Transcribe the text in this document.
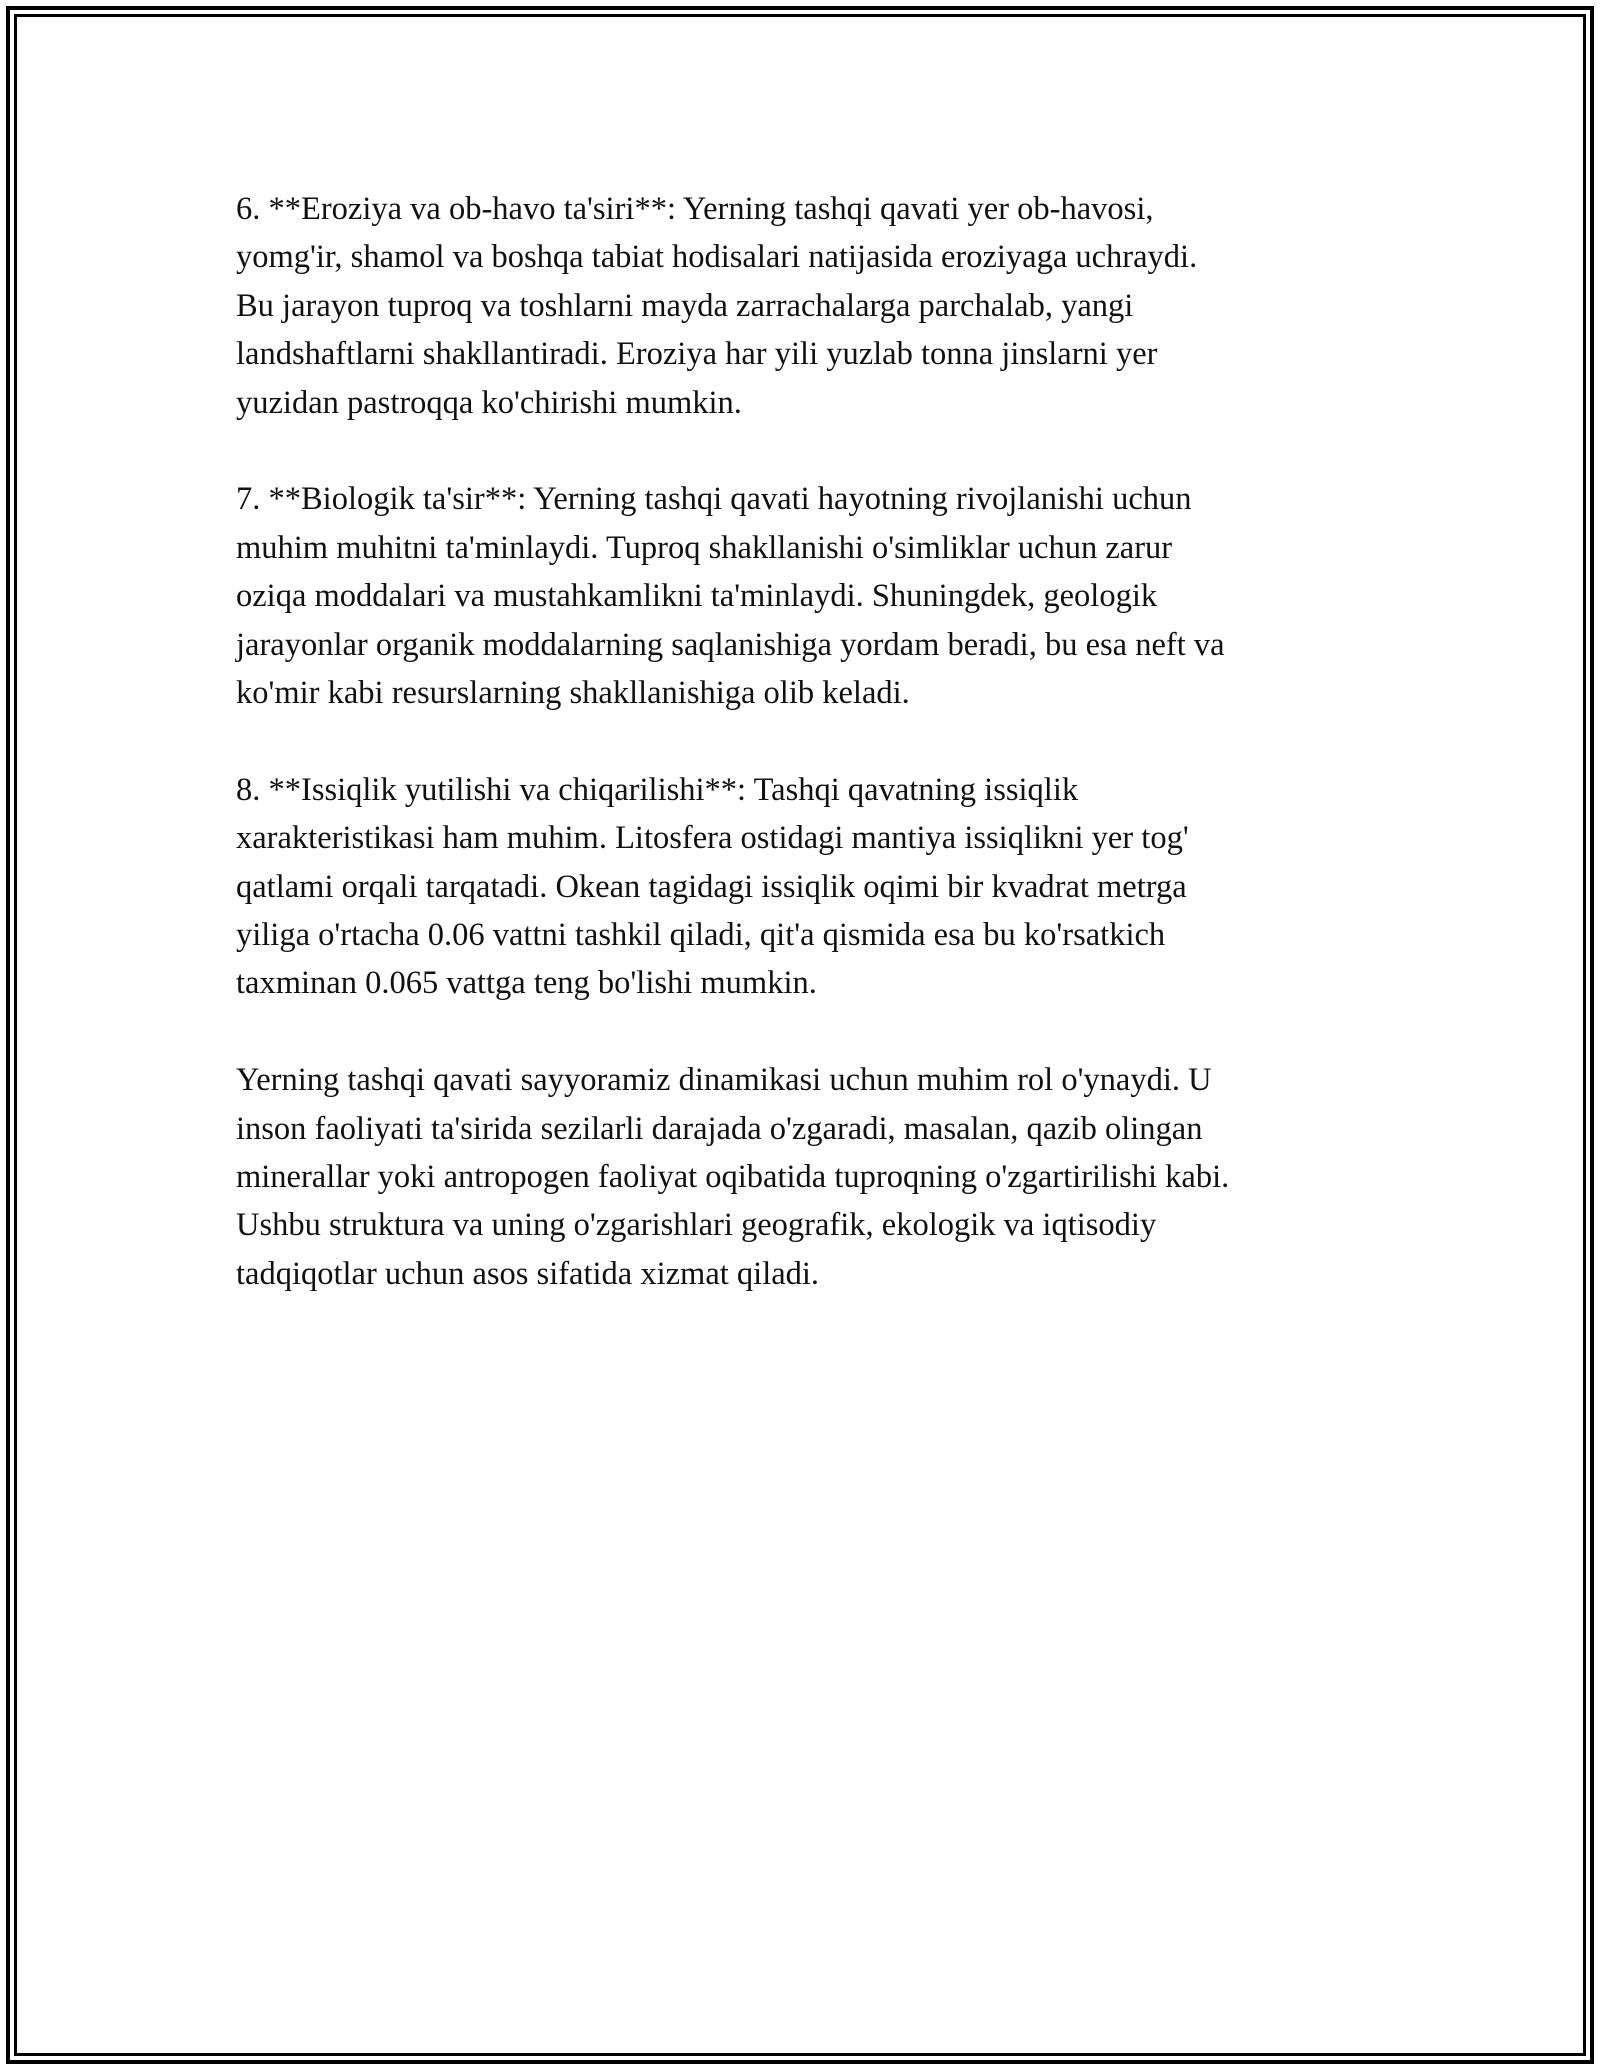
6. **Eroziya va ob-havo ta'siri**: Yerning tashqi qavati yer ob-havosi,
yomg'ir, shamol va boshqa tabiat hodisalari natijasida eroziyaga uchraydi.
Bu jarayon tuproq va toshlarni mayda zarrachalarga parchalab, yangi
landshaftlarni shakllantiradi. Eroziya har yili yuzlab tonna jinslarni yer
yuzidan pastroqqa ko'chirishi mumkin.

7. **Biologik ta'sir**: Yerning tashqi qavati hayotning rivojlanishi uchun
muhim muhitni ta'minlaydi. Tuproq shakllanishi o'simliklar uchun zarur
oziqa moddalari va mustahkamlikni ta'minlaydi. Shuningdek, geologik
jarayonlar organik moddalarning saqlanishiga yordam beradi, bu esa neft va
ko'mir kabi resurslarning shakllanishiga olib keladi.

8. **Issiqlik yutilishi va chiqarilishi**: Tashqi qavatning issiqlik
xarakteristikasi ham muhim. Litosfera ostidagi mantiya issiqlikni yer tog'
qatlami orqali tarqatadi. Okean tagidagi issiqlik oqimi bir kvadrat metrga
yiliga o'rtacha 0.06 vattni tashkil qiladi, qit'a qismida esa bu ko'rsatkich
taxminan 0.065 vattga teng bo'lishi mumkin.

Yerning tashqi qavati sayyoramiz dinamikasi uchun muhim rol o'ynaydi. U
inson faoliyati ta'sirida sezilarli darajada o'zgaradi, masalan, qazib olingan
minerallar yoki antropogen faoliyat oqibatida tuproqning o'zgartirilishi kabi.
Ushbu struktura va uning o'zgarishlari geografik, ekologik va iqtisodiy
tadqiqotlar uchun asos sifatida xizmat qiladi.
